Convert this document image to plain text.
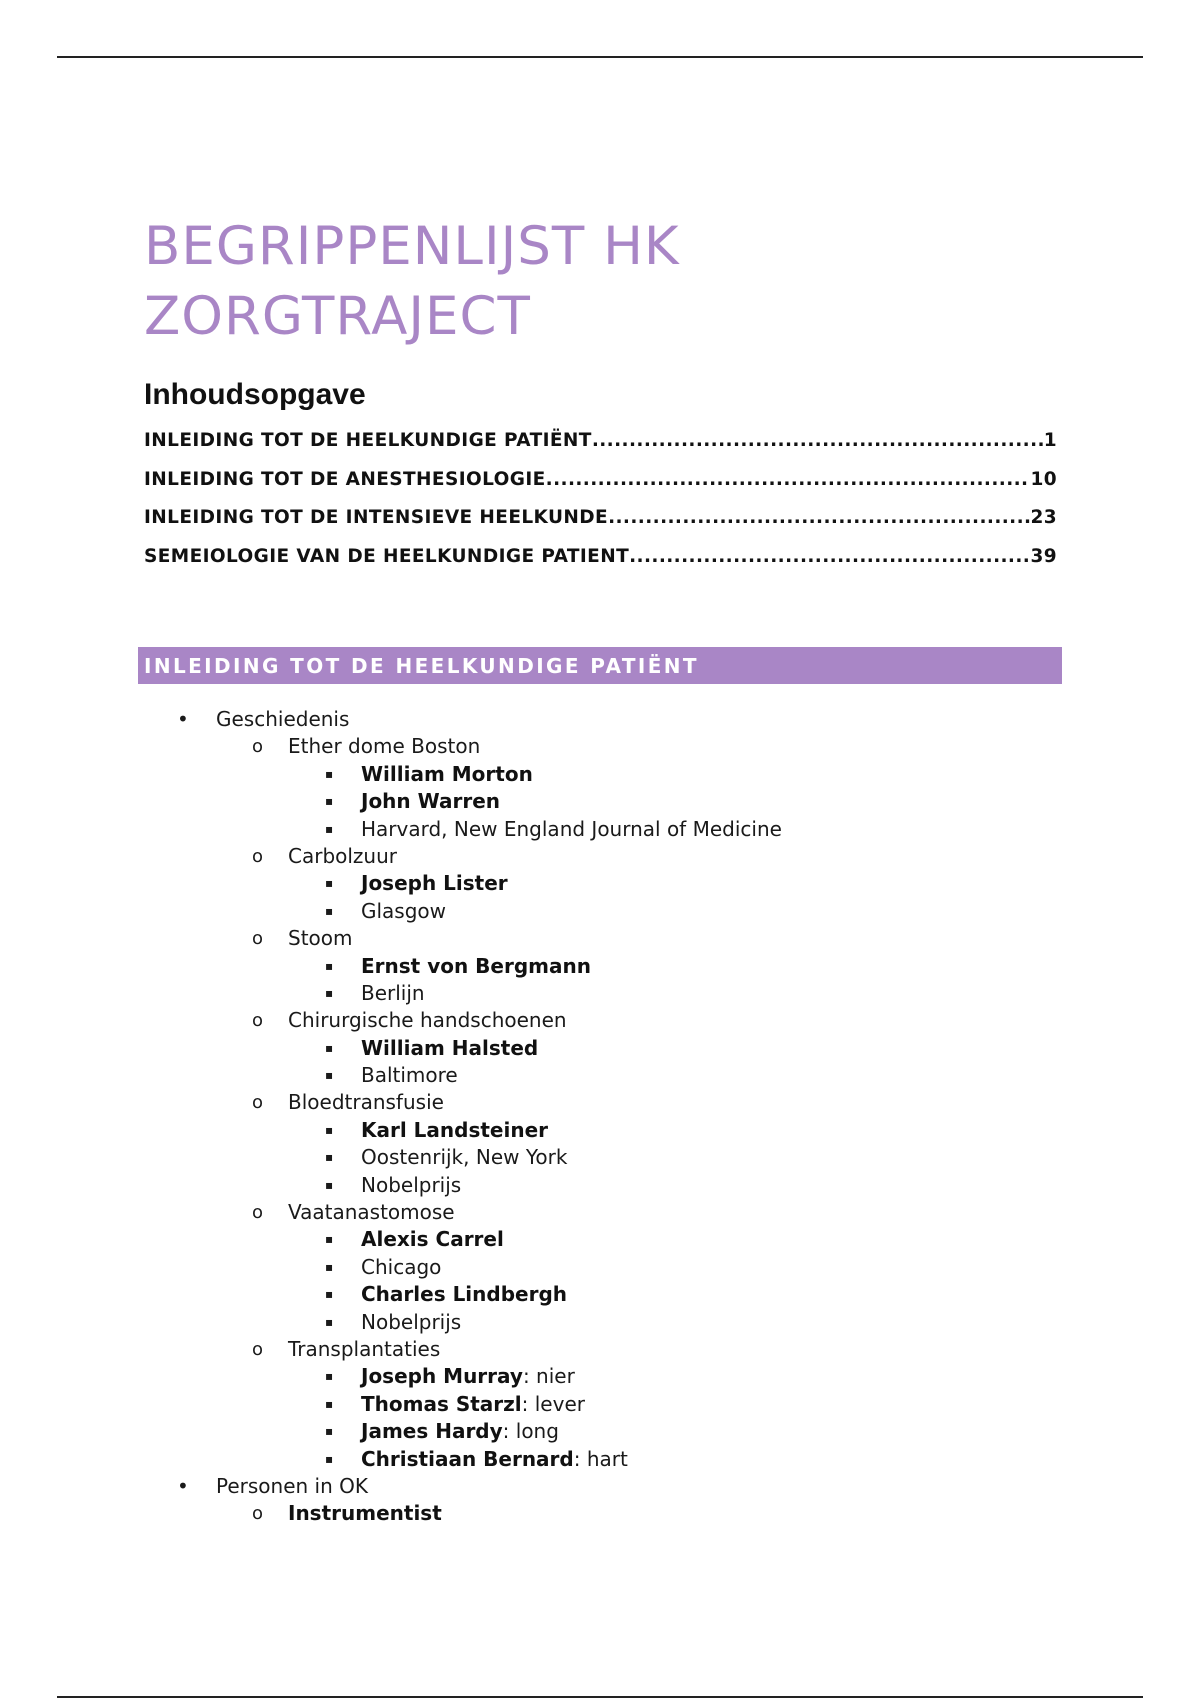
BEGRIPPENLIJST HK
ZORGTRAJECT
Inhoudsopgave
INLEIDING TOT DE HEELKUNDIGE PATIËNT .....	1
INLEIDING TOT DE ANESTHESIOLOGIE .....	10
INLEIDING TOT DE INTENSIEVE HEELKUNDE .....	23
SEMEIOLOGIE VAN DE HEELKUNDIGE PATIENT .....	39
INLEIDING TOT DE HEELKUNDIGE PATIËNT
• Geschiedenis
o Ether dome Boston
▪ William Morton
▪ John Warren
▪ Harvard, New England Journal of Medicine
o Carbolzuur
▪ Joseph Lister
▪ Glasgow
o Stoom
▪ Ernst von Bergmann
▪ Berlijn
o Chirurgische handschoenen
▪ William Halsted
▪ Baltimore
o Bloedtransfusie
▪ Karl Landsteiner
▪ Oostenrijk, New York
▪ Nobelprijs
o Vaatanastomose
▪ Alexis Carrel
▪ Chicago
▪ Charles Lindbergh
▪ Nobelprijs
o Transplantaties
▪ Joseph Murray: nier
▪ Thomas Starzl: lever
▪ James Hardy: long
▪ Christiaan Bernard: hart
• Personen in OK
o Instrumentist
